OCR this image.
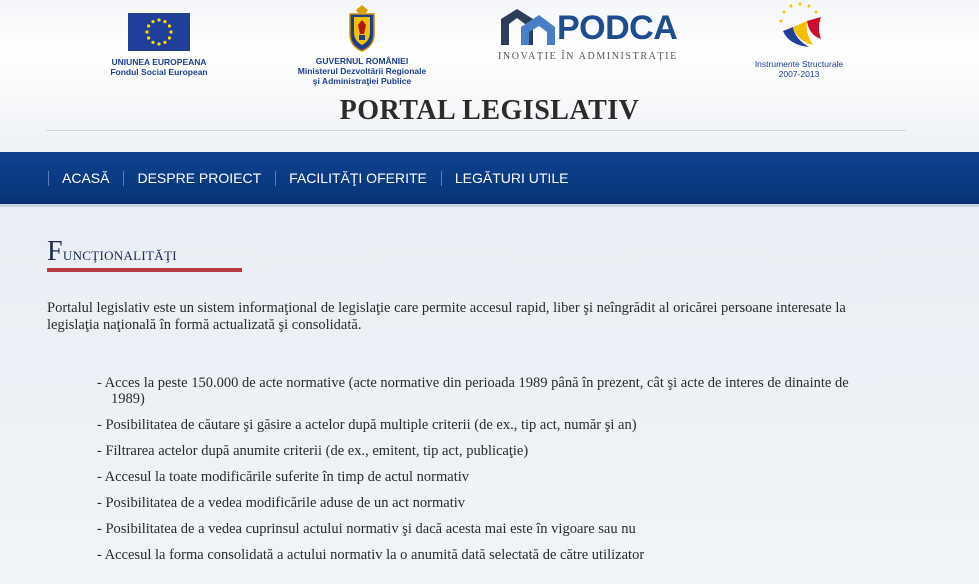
UNIUNEA EUROPEANA
Fondul Social European
GUVERNUL ROMÂNIEI
Ministerul Dezvoltării Regionale
şi Administraţiei Publice
PODCA
INOVAȚIE ÎN ADMINISTRAȚIE
Instrumente Structurale
2007-2013
PORTAL LEGISLATIV
ACASĂ	DESPRE PROIECT	FACILITĂŢI OFERITE	LEGĂTURI UTILE
Funcţionalităţi

Portalul legislativ este un sistem informaţional de legislaţie care permite accesul rapid, liber şi neîngrădit al oricărei persoane interesate la legislaţia naţională în formă actualizată şi consolidată.

- Acces la peste 150.000 de acte normative (acte normative din perioada 1989 până în prezent, cât şi acte de interes de dinainte de 1989)
- Posibilitatea de căutare şi găsire a actelor după multiple criterii (de ex., tip act, număr şi an)
- Filtrarea actelor după anumite criterii (de ex., emitent, tip act, publicaţie)
- Accesul la toate modificările suferite în timp de actul normativ
- Posibilitatea de a vedea modificările aduse de un act normativ
- Posibilitatea de a vedea cuprinsul actului normativ şi dacă acesta mai este în vigoare sau nu
- Accesul la forma consolidată a actului normativ la o anumită dată selectată de către utilizator
